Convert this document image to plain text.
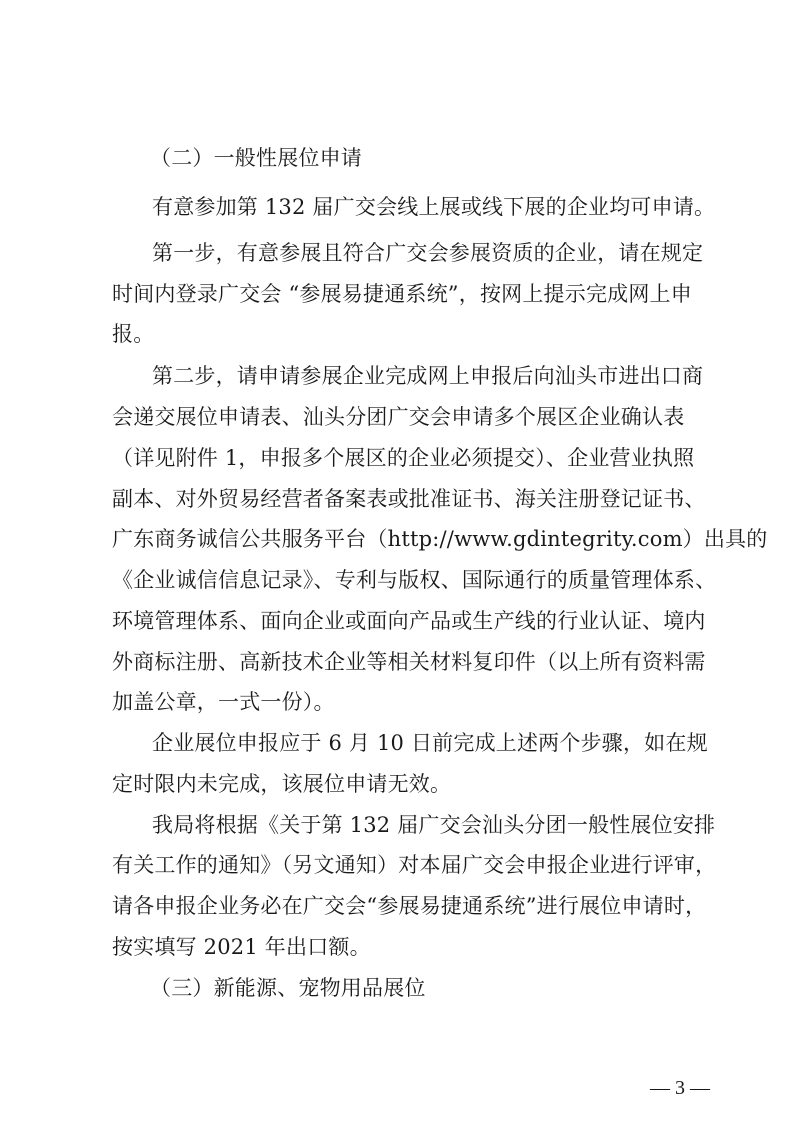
（二）一般性展位申请
有意参加第 132 届广交会线上展或线下展的企业均可申请。
第一步，有意参展且符合广交会参展资质的企业，请在规定
时间内登录广交会 “参展易捷通系统”，按网上提示完成网上申
报。
第二步，请申请参展企业完成网上申报后向汕头市进出口商
会递交展位申请表、汕头分团广交会申请多个展区企业确认表
（详见附件 1，申报多个展区的企业必须提交）、企业营业执照
副本、对外贸易经营者备案表或批准证书、海关注册登记证书、
广东商务诚信公共服务平台（http://www.gdintegrity.com）出具的
《企业诚信信息记录》、专利与版权、国际通行的质量管理体系、
环境管理体系、面向企业或面向产品或生产线的行业认证、境内
外商标注册、高新技术企业等相关材料复印件（以上所有资料需
加盖公章，一式一份）。
企业展位申报应于 6 月 10 日前完成上述两个步骤，如在规
定时限内未完成，该展位申请无效。
我局将根据《关于第 132 届广交会汕头分团一般性展位安排
有关工作的通知》（另文通知）对本届广交会申报企业进行评审，
请各申报企业务必在广交会“参展易捷通系统”进行展位申请时，
按实填写 2021 年出口额。
（三）新能源、宠物用品展位
— 3 —
